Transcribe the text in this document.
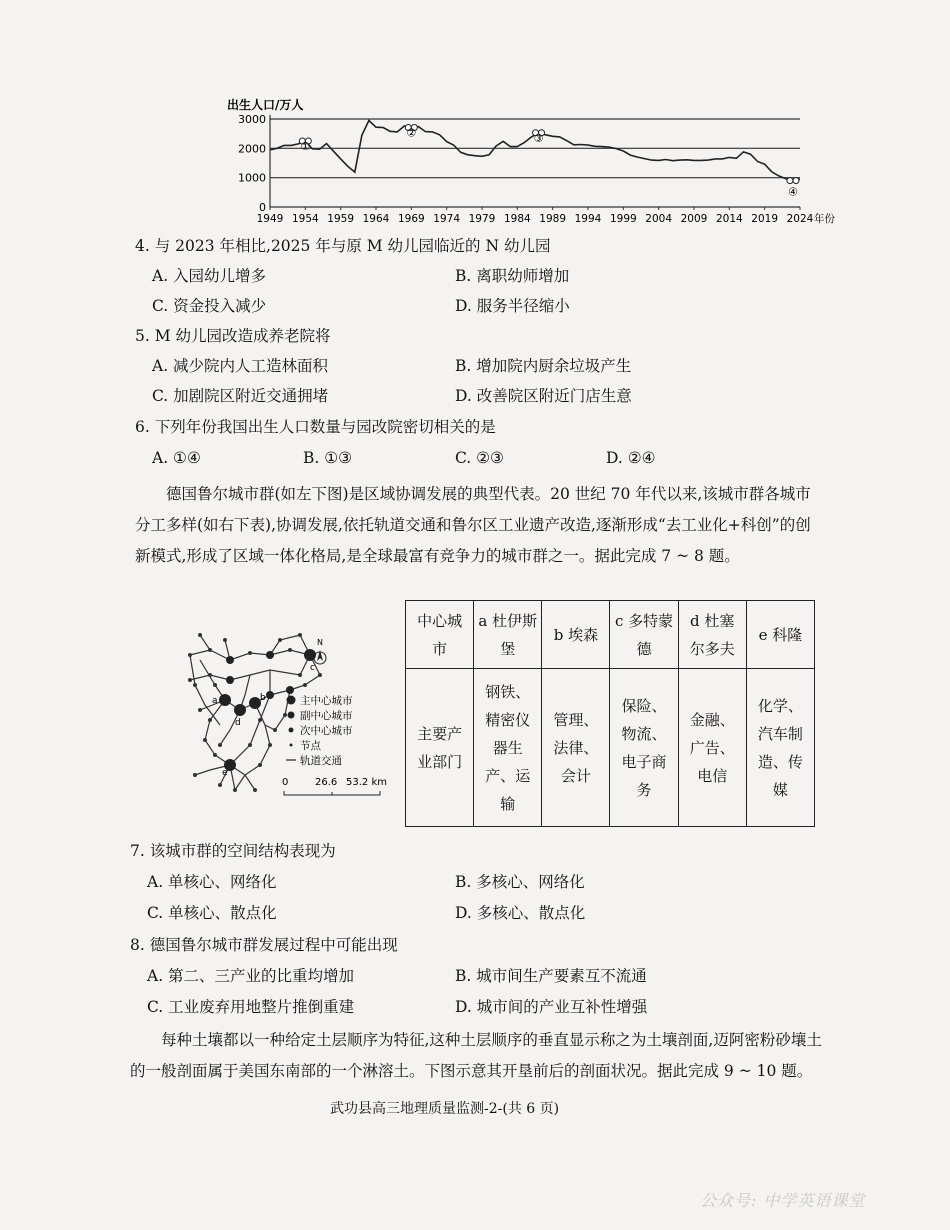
出生人口/万人
3000
2000
1000
0
1949 1954 1959 1964 1969 1974 1979 1984 1989 1994 1999 2004 2009 2014 2019 2024 年份
①
②	③
④
4. 与 2023 年相比,2025 年与原 M 幼儿园临近的 N 幼儿园
A. 入园幼儿增多	B. 离职幼师增加
C. 资金投入减少	D. 服务半径缩小
5. M 幼儿园改造成养老院将
A. 减少院内人工造林面积	B. 增加院内厨余垃圾产生
C. 加剧院区附近交通拥堵	D. 改善院区附近门店生意
6. 下列年份我国出生人口数量与园改院密切相关的是
A. ①④	B. ①③	C. ②③	D. ②④
德国鲁尔城市群(如左下图)是区域协调发展的典型代表。20 世纪 70 年代以来,该城市群各城市分工多样(如右下表),协调发展,依托轨道交通和鲁尔区工业遗产改造,逐渐形成“去工业化+科创”的创新模式,形成了区域一体化格局,是全球最富有竞争力的城市群之一。据此完成 7 ~ 8 题。
a	b
c
d
e
N
主中心城市
副中心城市
次中心城市
节点
轨道交通
0	26.6 53.2 km
中心城市	a 杜伊斯堡	b 埃森	c 多特蒙德	d 杜塞尔多夫	e 科隆
主要产业部门	钢铁、精密仪器生产、运输	管理、法律、会计	保险、物流、电子商务	金融、广告、电信	化学、汽车制造、传媒
7. 该城市群的空间结构表现为
A. 单核心、网络化	B. 多核心、网络化
C. 单核心、散点化	D. 多核心、散点化
8. 德国鲁尔城市群发展过程中可能出现
A. 第二、三产业的比重均增加	B. 城市间生产要素互不流通
C. 工业废弃用地整片推倒重建	D. 城市间的产业互补性增强
每种土壤都以一种给定土层顺序为特征,这种土层顺序的垂直显示称之为土壤剖面,迈阿密粉砂壤土的一般剖面属于美国东南部的一个淋溶土。下图示意其开垦前后的剖面状况。据此完成 9 ~ 10 题。
武功县高三地理质量监测-2-(共 6 页)
公众号: 中学英语课堂
